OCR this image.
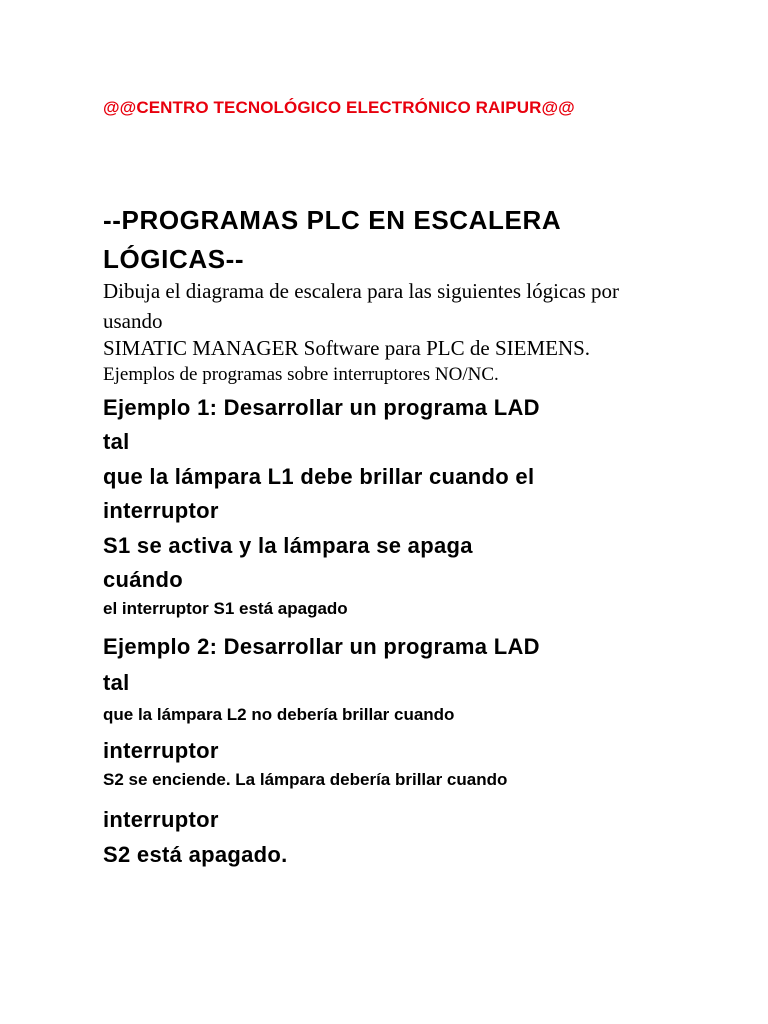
@@CENTRO TECNOLÓGICO ELECTRÓNICO RAIPUR@@

--PROGRAMAS PLC EN ESCALERA

LÓGICAS--

Dibuja el diagrama de escalera para las siguientes lógicas por

usando

SIMATIC MANAGER Software para PLC de SIEMENS.

Ejemplos de programas sobre interruptores NO/NC.

Ejemplo 1: Desarrollar un programa LAD

tal

que la lámpara L1 debe brillar cuando el

interruptor

S1 se activa y la lámpara se apaga

cuándo

el interruptor S1 está apagado

Ejemplo 2: Desarrollar un programa LAD

tal

que la lámpara L2 no debería brillar cuando

interruptor

S2 se enciende. La lámpara debería brillar cuando

interruptor

S2 está apagado.
